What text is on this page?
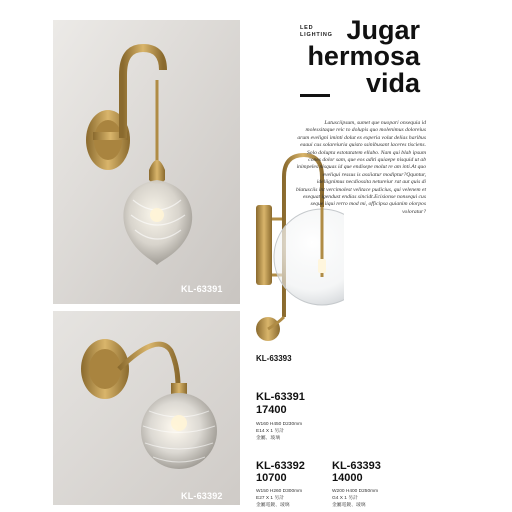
KL-63391
KL-63392
KL-63393
LED
LIGHTING Jugar
hermosa
vida
Latusciipsum, sumet que nuopari onsequia id molessitaque reic to dolupis quo molenimus doloreius arum eveligni iminti dolut ex experia volut delias haribus eaaui cus solareiuria quisto ssinibusant laceres tisciens. Solo dolupta estotatatem ellabo. Nam qui blab ipsum cones dolor sam, que eos aditi quiaepe nisquid ut ab inimpeles nisquas id que endisepe molut re am inti.At quo eveliqui ressus is assiiatur modiptur?Qquntur, ideliignimus necdiossita netureiur rat aut quis di blatusciis int vercimolest velitace pudicius, qui velenem et esequat igendust endias sincidt.Ecisionse nonsequi cus seque iiqui rerro mod mi, officipsa quianim olorpos voloratur?
KL-63391
17400
W160 H450 D230mm
E14 X 1 另計
金屬、玻璃
KL-63392
10700
W150 H260 D300mm
E27 X 1 另計
金屬電鍍、玻璃
KL-63393
14000
W200 H400 D250mm
G4 X 1 另計
金屬電鍍、玻璃
